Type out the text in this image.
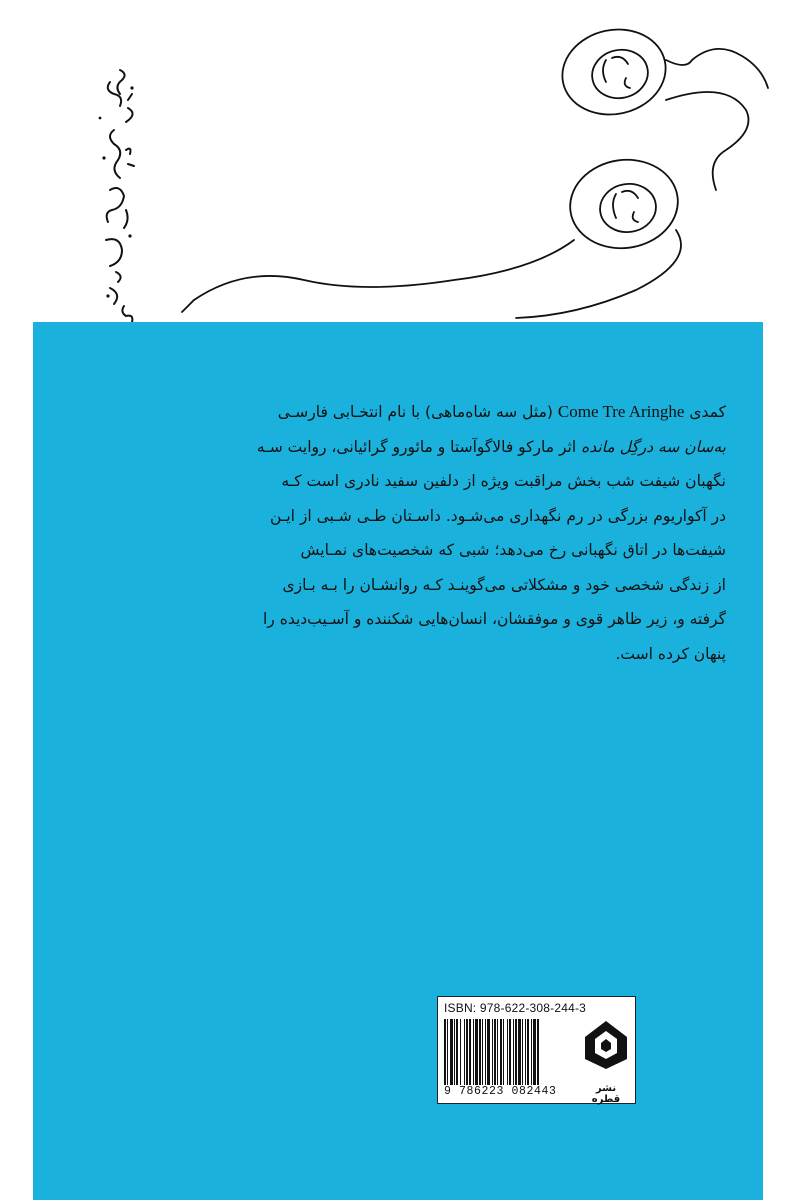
کمدی Come Tre Aringhe (مثل سه شاه‌ماهی) با نام انتخـابی فارسـی
به‌سان سه درگِل مانده اثر مارکو فالاگوآستا و مائورو گرائیانی، روایت سـه
نگهبان شیفت شب بخش مراقبت ویژه از دلفین سفید نادری است کـه
در آکواریوم بزرگی در رم نگهداری می‌شـود. داسـتان طـی شـبی از ایـن
شیفت‌ها در اتاق نگهبانی رخ می‌دهد؛ شبی که شخصیت‌های نمـایش
از زندگی شخصی خود و مشکلاتی می‌گوینـد کـه روانشـان را بـه بـازی
گرفته و، زیر ظاهر قوی و موفقشان، انسان‌هایی شکننده و آسـیب‌دیده را
پنهان کرده است.
ISBN: 978-622-308-244-3
9 786223 082443	نشر قطره
